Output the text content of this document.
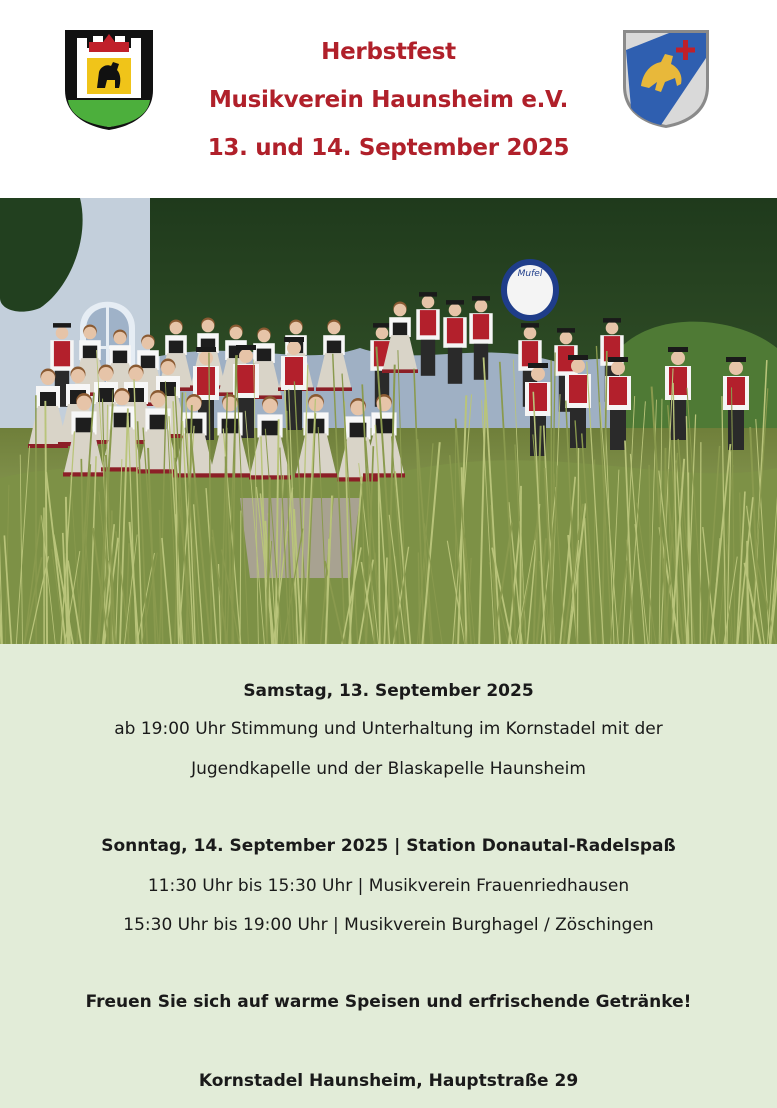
Herbstfest
Musikverein Haunsheim e.V.
13. und 14. September 2025
Mufel
Samstag, 13. September 2025
ab 19:00 Uhr Stimmung und Unterhaltung im Kornstadel mit der
Jugendkapelle und der Blaskapelle Haunsheim
Sonntag, 14. September 2025 | Station Donautal-Radelspaß
11:30 Uhr bis 15:30 Uhr | Musikverein Frauenriedhausen
15:30 Uhr bis 19:00 Uhr | Musikverein Burghagel / Zöschingen
Freuen Sie sich auf warme Speisen und erfrischende Getränke!
Kornstadel Haunsheim, Hauptstraße 29
